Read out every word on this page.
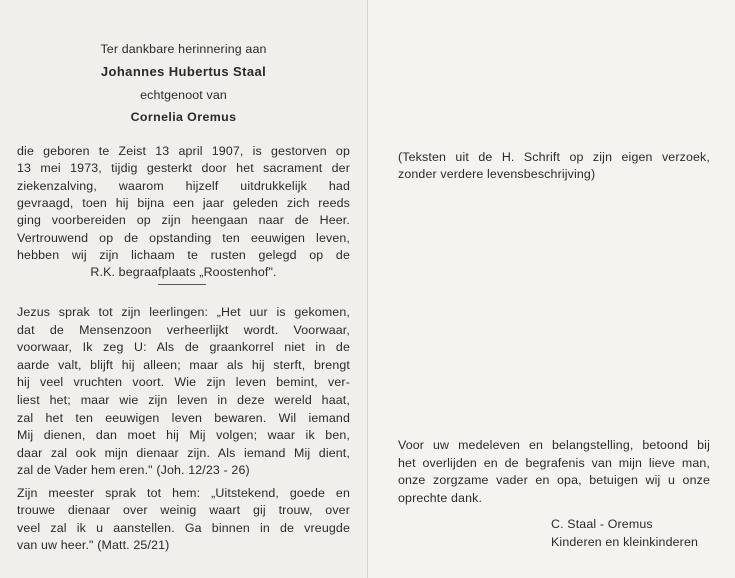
Ter dankbare herinnering aan
Johannes Hubertus Staal
echtgenoot van
Cornelia Oremus
die geboren te Zeist 13 april 1907, is gestorven op
13 mei 1973, tijdig gesterkt door het sacrament der
ziekenzalving, waarom hijzelf uitdrukkelijk had
gevraagd, toen hij bijna een jaar geleden zich reeds
ging voorbereiden op zijn heengaan naar de Heer.
Vertrouwend op de opstanding ten eeuwigen leven,
hebben wij zijn lichaam te rusten gelegd op de
R.K. begraafplaats „Roostenhof".
Jezus sprak tot zijn leerlingen: „Het uur is gekomen,
dat de Mensenzoon verheerlijkt wordt. Voorwaar,
voorwaar, Ik zeg U: Als de graankorrel niet in de
aarde valt, blijft hij alleen; maar als hij sterft, brengt
hij veel vruchten voort. Wie zijn leven bemint, ver-
liest het; maar wie zijn leven in deze wereld haat,
zal het ten eeuwigen leven bewaren. Wil iemand
Mij dienen, dan moet hij Mij volgen; waar ik ben,
daar zal ook mijn dienaar zijn. Als iemand Mij dient,
zal de Vader hem eren." (Joh. 12/23 - 26)
Zijn meester sprak tot hem: „Uitstekend, goede en
trouwe dienaar over weinig waart gij trouw, over
veel zal ik u aanstellen. Ga binnen in de vreugde
van uw heer." (Matt. 25/21)
(Teksten uit de H. Schrift op zijn eigen verzoek,
zonder verdere levensbeschrijving)
Voor uw medeleven en belangstelling, betoond bij
het overlijden en de begrafenis van mijn lieve man,
onze zorgzame vader en opa, betuigen wij u onze
oprechte dank.
C. Staal - Oremus
Kinderen en kleinkinderen
